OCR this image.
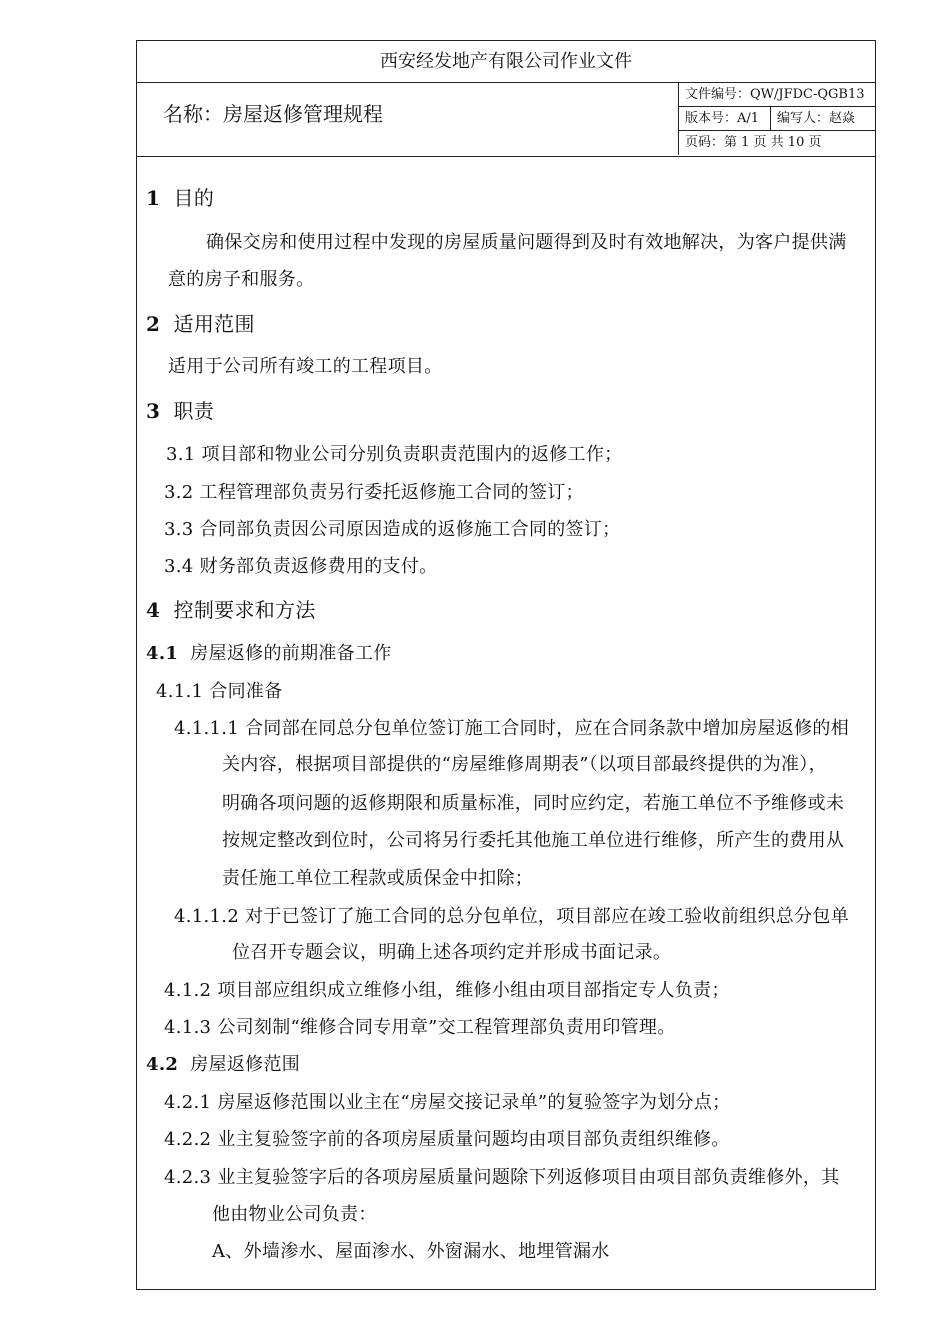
西安经发地产有限公司作业文件
名称：房屋返修管理规程
文件编号：QW/JFDC-QGB13
版本号：A/1	编写人：赵焱
页码：第 1 页 共 10 页
1 目的
确保交房和使用过程中发现的房屋质量问题得到及时有效地解决，为客户提供满
意的房子和服务。
2 适用范围
适用于公司所有竣工的工程项目。
3 职责
3.1 项目部和物业公司分别负责职责范围内的返修工作；
3.2 工程管理部负责另行委托返修施工合同的签订；
3.3 合同部负责因公司原因造成的返修施工合同的签订；
3.4 财务部负责返修费用的支付。
4 控制要求和方法
4.1 房屋返修的前期准备工作
4.1.1 合同准备
4.1.1.1 合同部在同总分包单位签订施工合同时，应在合同条款中增加房屋返修的相
关内容，根据项目部提供的“房屋维修周期表”（以项目部最终提供的为准），
明确各项问题的返修期限和质量标准，同时应约定，若施工单位不予维修或未
按规定整改到位时，公司将另行委托其他施工单位进行维修，所产生的费用从
责任施工单位工程款或质保金中扣除；
4.1.1.2 对于已签订了施工合同的总分包单位，项目部应在竣工验收前组织总分包单
位召开专题会议，明确上述各项约定并形成书面记录。
4.1.2 项目部应组织成立维修小组，维修小组由项目部指定专人负责；
4.1.3 公司刻制“维修合同专用章”交工程管理部负责用印管理。
4.2 房屋返修范围
4.2.1 房屋返修范围以业主在“房屋交接记录单”的复验签字为划分点；
4.2.2 业主复验签字前的各项房屋质量问题均由项目部负责组织维修。
4.2.3 业主复验签字后的各项房屋质量问题除下列返修项目由项目部负责维修外，其
他由物业公司负责：
A、外墙渗水、屋面渗水、外窗漏水、地埋管漏水
